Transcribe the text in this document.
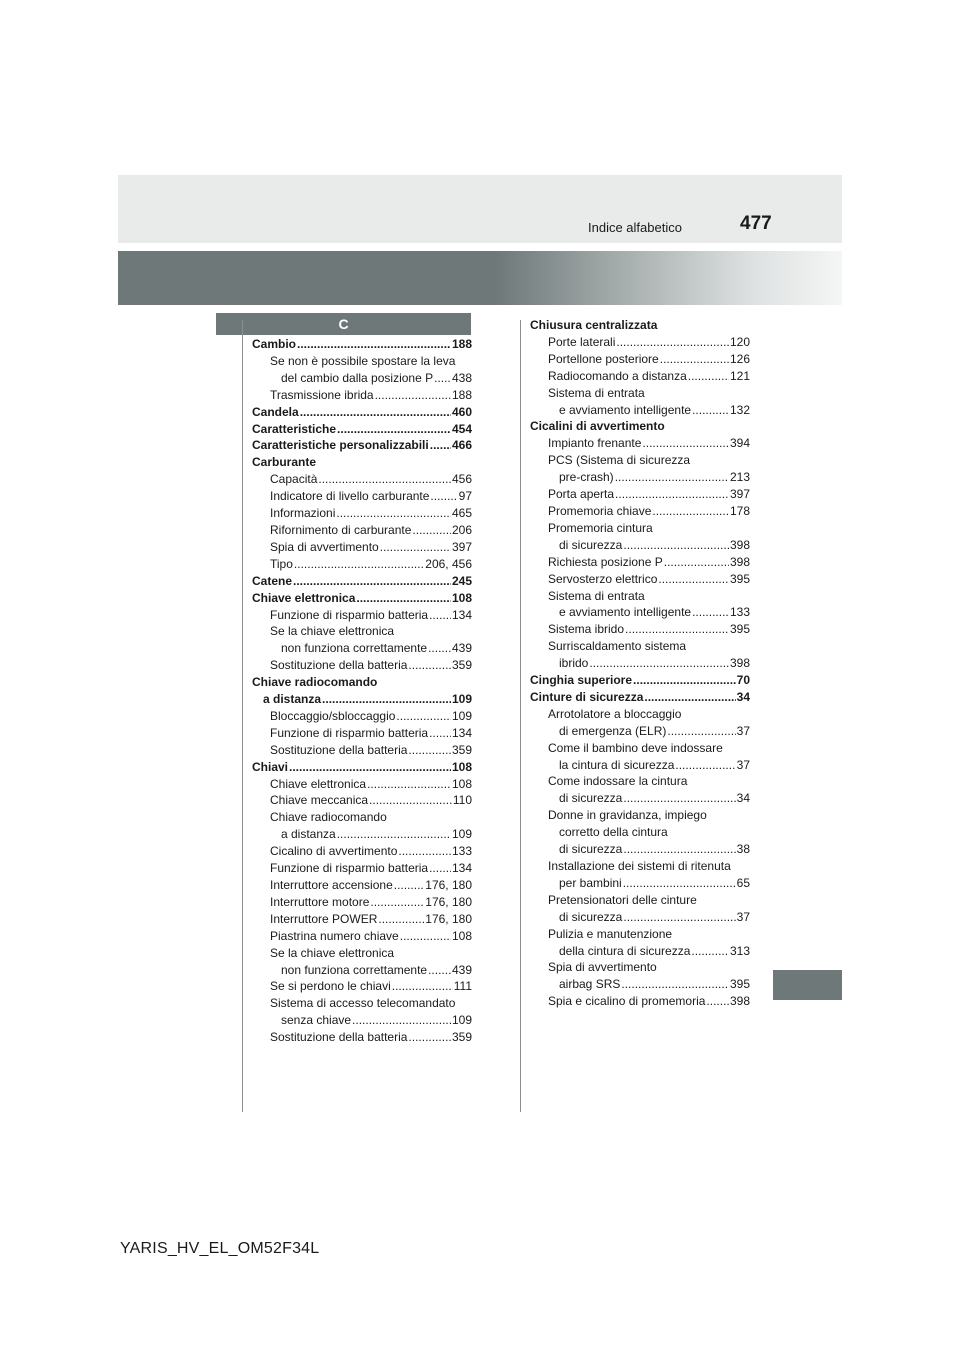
477
Indice alfabetico
C
Cambio .....	188
Se non è possibile spostare la leva
del cambio dalla posizione P ..... 438
Trasmissione ibrida .....	188
Candela .....	460
Caratteristiche .....	454
Caratteristiche personalizzabili ..... 466
Carburante
Capacità .....	456
Indicatore di livello carburante ..... 97
Informazioni .....	465
Rifornimento di carburante .....	206
Spia di avvertimento .....	397
Tipo .....	206, 456
Catene .....	245
Chiave elettronica .....	108
Funzione di risparmio batteria ..... 134
Se la chiave elettronica
non funziona correttamente ..... 439
Sostituzione della batteria .....	359
Chiave radiocomando
a distanza .....	109
Bloccaggio/sbloccaggio .....	109
Funzione di risparmio batteria ..... 134
Sostituzione della batteria .....	359
Chiavi .....	108
Chiave elettronica .....	108
Chiave meccanica .....	110
Chiave radiocomando
a distanza .....	109
Cicalino di avvertimento .....	133
Funzione di risparmio batteria ..... 134
Interruttore accensione .....	176, 180
Interruttore motore .....	176, 180
Interruttore POWER .....	176, 180
Piastrina numero chiave .....	108
Se la chiave elettronica
non funziona correttamente ..... 439
Se si perdono le chiavi .....	111
Sistema di accesso telecomandato
senza chiave .....	109
Sostituzione della batteria .....	359
Chiusura centralizzata
Porte laterali .....	120
Portellone posteriore .....	126
Radiocomando a distanza .....	121
Sistema di entrata
e avviamento intelligente .....	132
Cicalini di avvertimento
Impianto frenante .....	394
PCS (Sistema di sicurezza
pre-crash) .....	213
Porta aperta .....	397
Promemoria chiave .....	178
Promemoria cintura
di sicurezza .....	398
Richiesta posizione P .....	398
Servosterzo elettrico .....	395
Sistema di entrata
e avviamento intelligente .....	133
Sistema ibrido .....	395
Surriscaldamento sistema
ibrido .....	398
Cinghia superiore .....	70
Cinture di sicurezza .....	34
Arrotolatore a bloccaggio
di emergenza (ELR) .....	37
Come il bambino deve indossare
la cintura di sicurezza .....	37
Come indossare la cintura
di sicurezza .....	34
Donne in gravidanza, impiego
corretto della cintura
di sicurezza .....	38
Installazione dei sistemi di ritenuta
per bambini .....	65
Pretensionatori delle cinture
di sicurezza .....	37
Pulizia e manutenzione
della cintura di sicurezza .....	313
Spia di avvertimento
airbag SRS .....	395
Spia e cicalino di promemoria ..... 398
YARIS_HV_EL_OM52F34L
